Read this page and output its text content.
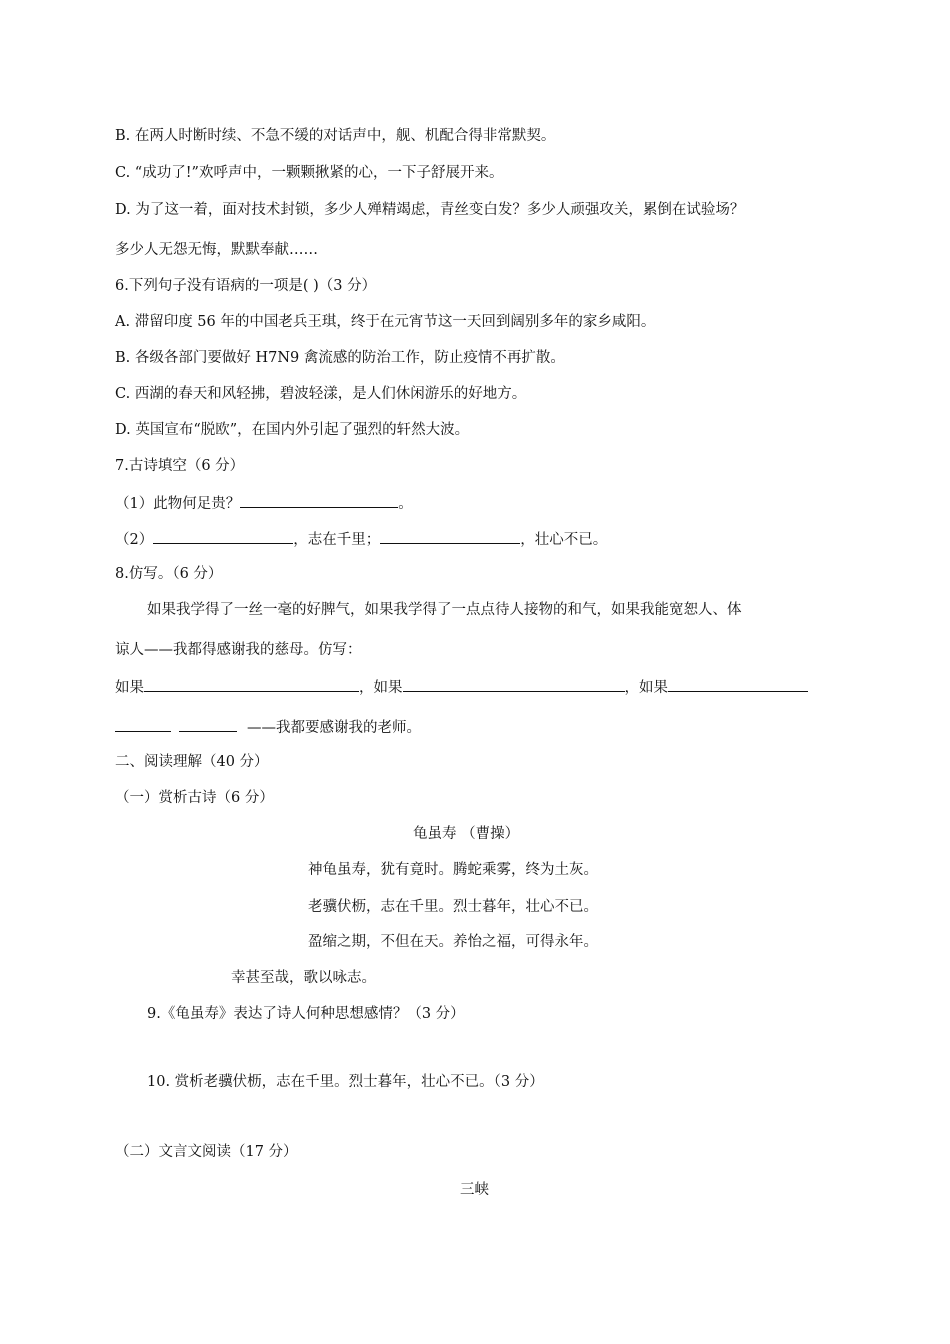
B. 在两人时断时续、不急不缓的对话声中，舰、机配合得非常默契。
C. “成功了!”欢呼声中，一颗颗揪紧的心，一下子舒展开来。
D. 为了这一着，面对技术封锁，多少人殚精竭虑，青丝变白发？多少人顽强攻关，累倒在试验场？
多少人无怨无悔，默默奉献……
6.下列句子没有语病的一项是( )（3 分）
A. 滞留印度 56 年的中国老兵王琪，终于在元宵节这一天回到阔别多年的家乡咸阳。
B. 各级各部门要做好 H7N9 禽流感的防治工作，防止疫情不再扩散。
C. 西湖的春天和风轻拂，碧波轻漾，是人们休闲游乐的好地方。
D. 英国宣布“脱欧”，在国内外引起了强烈的轩然大波。
7.古诗填空（6 分）
（1）此物何足贵？	。
（2）	，志在千里；	，壮心不已。
8.仿写。（6 分）
如果我学得了一丝一毫的好脾气，如果我学得了一点点待人接物的和气，如果我能宽恕人、体
谅人——我都得感谢我的慈母。仿写：
如果	，如果	，如果
——我都要感谢我的老师。
二、阅读理解（40 分）
（一）赏析古诗（6 分）
龟虽寿 （曹操）
神龟虽寿，犹有竟时。腾蛇乘雾，终为土灰。
老骥伏枥，志在千里。烈士暮年，壮心不已。
盈缩之期，不但在天。养怡之福，可得永年。
幸甚至哉，歌以咏志。
9.《龟虽寿》表达了诗人何种思想感情？（3 分）
10. 赏析老骥伏枥，志在千里。烈士暮年，壮心不已。（3 分）
（二）文言文阅读（17 分）
三峡
